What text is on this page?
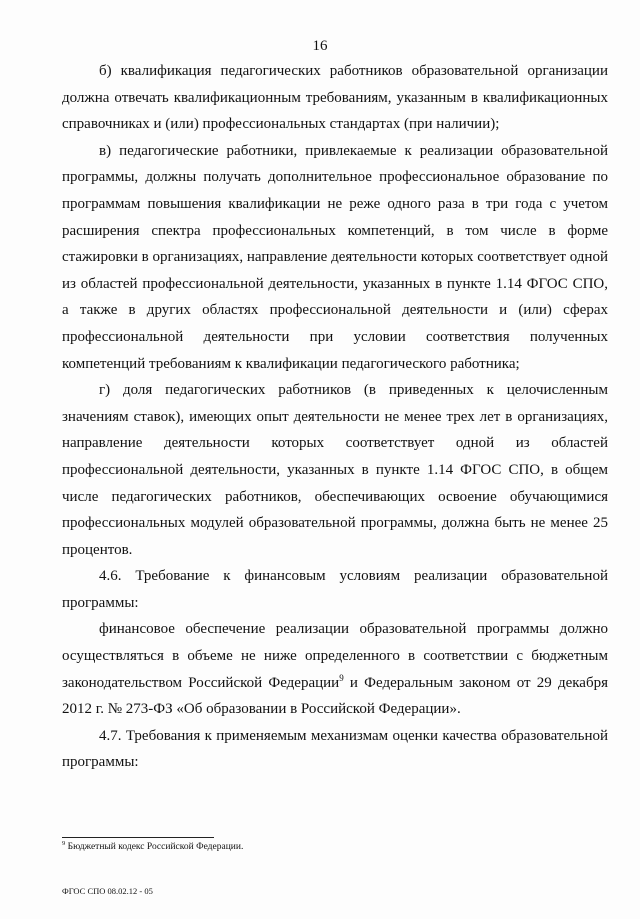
16

б) квалификация педагогических работников образовательной организации должна отвечать квалификационным требованиям, указанным в квалификационных справочниках и (или) профессиональных стандартах (при наличии);

в) педагогические работники, привлекаемые к реализации образовательной программы, должны получать дополнительное профессиональное образование по программам повышения квалификации не реже одного раза в три года с учетом расширения спектра профессиональных компетенций, в том числе в форме стажировки в организациях, направление деятельности которых соответствует одной из областей профессиональной деятельности, указанных в пункте 1.14 ФГОС СПО, а также в других областях профессиональной деятельности и (или) сферах профессиональной деятельности при условии соответствия полученных компетенций требованиям к квалификации педагогического работника;

г) доля педагогических работников (в приведенных к целочисленным значениям ставок), имеющих опыт деятельности не менее трех лет в организациях, направление деятельности которых соответствует одной из областей профессиональной деятельности, указанных в пункте 1.14 ФГОС СПО, в общем числе педагогических работников, обеспечивающих освоение обучающимися профессиональных модулей образовательной программы, должна быть не менее 25 процентов.

4.6. Требование к финансовым условиям реализации образовательной программы:

финансовое обеспечение реализации образовательной программы должно осуществляться в объеме не ниже определенного в соответствии с бюджетным законодательством Российской Федерации$^9$ и Федеральным законом от 29 декабря 2012 г. № 273-ФЗ «Об образовании в Российской Федерации».

4.7. Требования к применяемым механизмам оценки качества образовательной программы:

$^9$ Бюджетный кодекс Российской Федерации.
ФГОС СПО 08.02.12 - 05
